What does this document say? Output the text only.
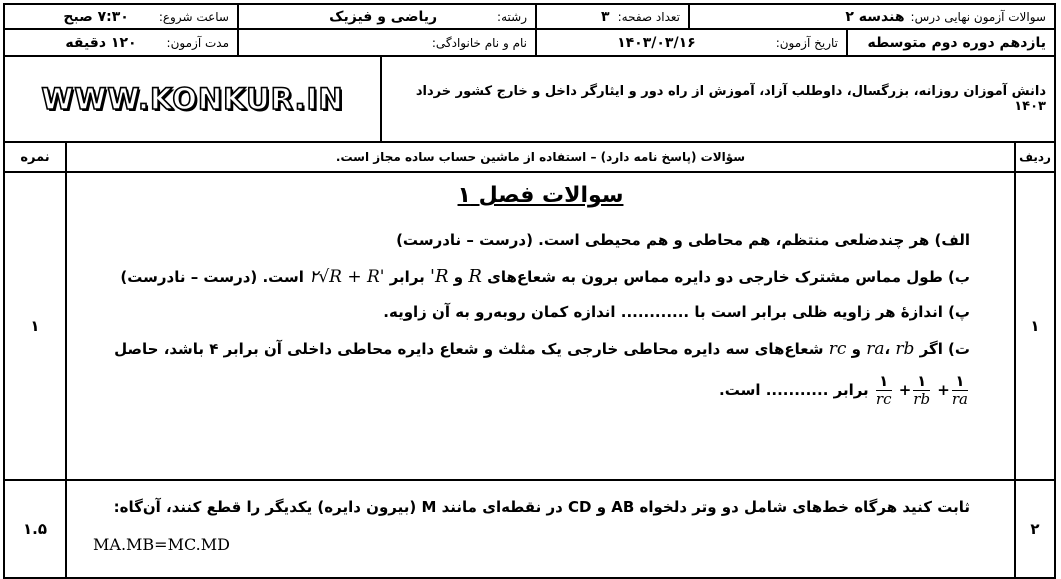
سوالات آزمون نهایی درس:
هندسه ۲
تعداد صفحه:
۳
رشته:
ریاضی و فیزیک
ساعت شروع:
۷:۳۰ صبح
یازدهم دوره دوم متوسطه
تاریخ آزمون:
۱۴۰۳/۰۳/۱۶
نام و نام خانوادگی:
مدت آزمون:
۱۲۰ دقیقه
دانش آموزان روزانه، بزرگسال، داوطلب آزاد، آموزش از راه دور و ایثارگر داخل و خارج کشور خرداد ۱۴۰۳
WWW.KONKUR.IN
ردیف
سؤالات (پاسخ نامه دارد) – استفاده از ماشین حساب ساده مجاز است.
نمره
۱
سوالات فصل ۱
الف) هر چندضلعی منتظم، هم محاطی و هم محیطی است. (درست – نادرست)
ب) طول مماس مشترک خارجی دو دایره مماس برون به شعاع‌های R و R' برابر ۲√R + R' است. (درست – نادرست)
پ) اندازهٔ هر زاویه ظلی برابر است با ............ اندازه کمان روبه‌رو به آن زاویه.
ت) اگر ra، rb و rc شعاع‌های سه دایره محاطی خارجی یک مثلث و شعاع دایره محاطی داخلی آن برابر ۴ باشد، حاصل
$\frac{۱}{ra}$
+
$\frac{۱}{rb}$
+
$\frac{۱}{rc}$
برابر ........... است.
۱
۲
ثابت کنید هرگاه خط‌های شامل دو وتر دلخواه AB و CD در نقطه‌ای مانند M (بیرون دایره) یکدیگر را قطع کنند، آن‌گاه:
MA.MB=MC.MD
۱.۵
